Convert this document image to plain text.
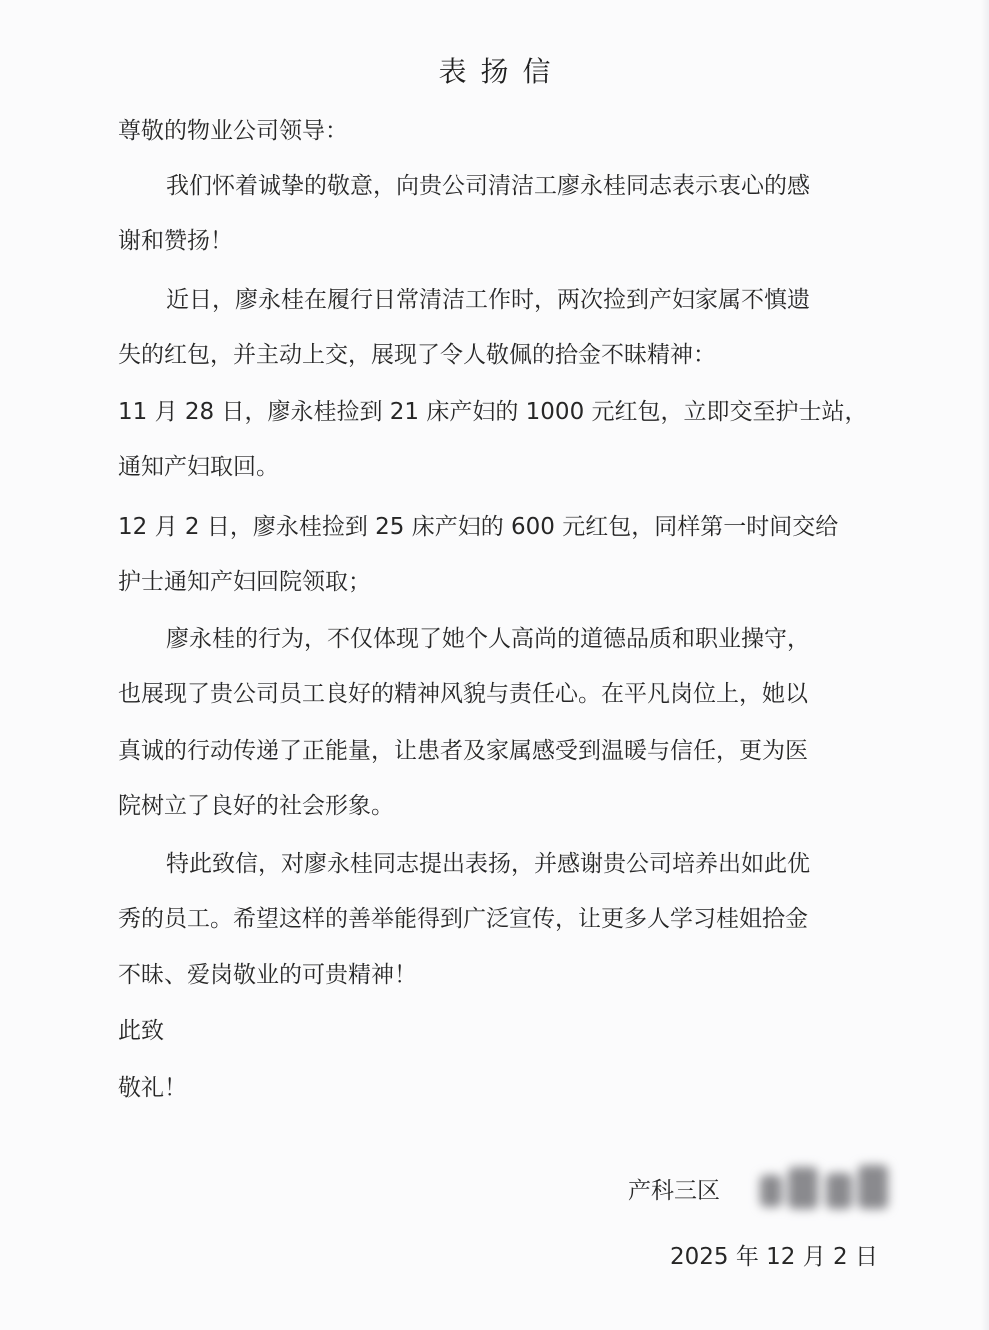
表扬信
尊敬的物业公司领导：
我们怀着诚挚的敬意，向贵公司清洁工廖永桂同志表示衷心的感
谢和赞扬！
近日，廖永桂在履行日常清洁工作时，两次捡到产妇家属不慎遗
失的红包，并主动上交，展现了令人敬佩的拾金不昧精神：
11 月 28 日，廖永桂捡到 21 床产妇的 1000 元红包，立即交至护士站，
通知产妇取回。
12 月 2 日，廖永桂捡到 25 床产妇的 600 元红包，同样第一时间交给
护士通知产妇回院领取；
廖永桂的行为，不仅体现了她个人高尚的道德品质和职业操守，
也展现了贵公司员工良好的精神风貌与责任心。在平凡岗位上，她以
真诚的行动传递了正能量，让患者及家属感受到温暖与信任，更为医
院树立了良好的社会形象。
特此致信，对廖永桂同志提出表扬，并感谢贵公司培养出如此优
秀的员工。希望这样的善举能得到广泛宣传，让更多人学习桂姐拾金
不昧、爱岗敬业的可贵精神！
此致
敬礼！
产科三区
2025 年 12 月 2 日
